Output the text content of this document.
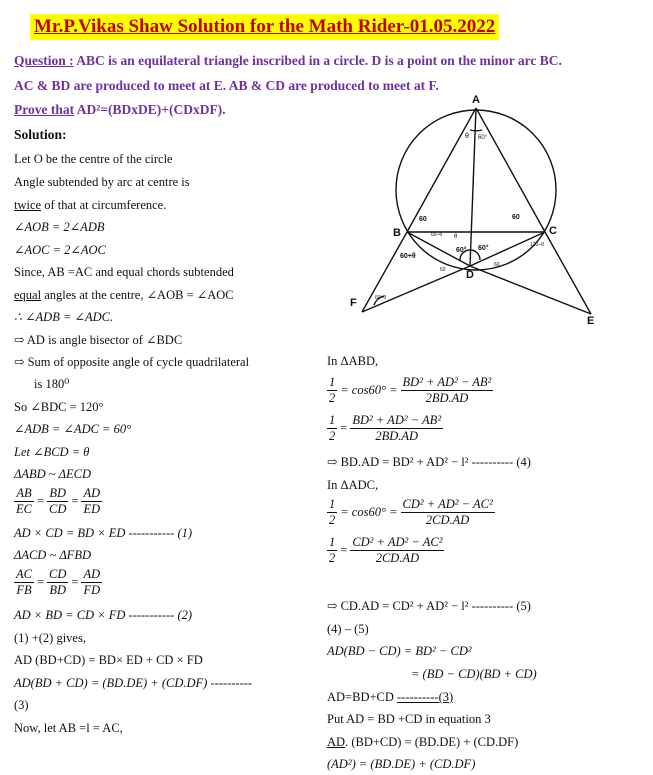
Mr.P.Vikas Shaw Solution for the Math Rider-01.05.2022
Question : ABC is an equilateral triangle inscribed in a circle. D is a point on the minor arc BC.
AC & BD are produced to meet at E. AB & CD are produced to meet at F.
Prove that AD²=(BDxDE)+(CDxDF).
Solution:
Let O be the centre of the circle
Angle subtended by arc at centre is
twice of that at circumference.
∠AOB = 2∠ADB
∠AOC = 2∠AOC
Since, AB =AC and equal chords subtended
equal angles at the centre, ∠AOB = ∠AOC
∴ ∠ADB = ∠ADC.
⇨ AD is angle bisector of ∠BDC
⇨ Sum of opposite angle of cycle quadrilateral
is 180⁰
So ∠BDC = 120°
∠ADB = ∠ADC = 60°
Let ∠BCD = θ
ΔABD ~ ΔECD
$\frac{AB}{EC} = \frac{BD}{CD} = \frac{AD}{ED}$
AD × CD = BD × ED ----------- (1)
ΔACD ~ ΔFBD
$\frac{AC}{FB} = \frac{CD}{BD} = \frac{AD}{FD}$
AD × BD = CD × FD ----------- (2)
(1) +(2) gives,
AD (BD+CD) = BD× ED + CD × FD
AD(BD + CD) = (BD.DE) + (CD.DF) ----------
(3)
Now, let AB =l = AC,
In ΔABD,
$\frac{1}{2} = \cos 60^\circ = \frac{\text{BD² + AD² − AB²}}{2BD.AD}$
$\frac{1}{2} = \frac{\text{BD² + AD² − AB²}}{2BD.AD}$
⇨ BD.AD = BD² + AD² − l² ---------- (4)
In ΔADC,
$\frac{1}{2} = \cos 60^\circ = \frac{\text{CD² + AD² − AC²}}{2CD.AD}$
$\frac{1}{2} = \frac{\text{CD² + AD² − AC²}}{2CD.AD}$
⇨ CD.AD = CD² + AD² − l² ---------- (5)
(4) – (5)
AD(BD − CD) = BD² − CD²
= (BD − CD)(BD + CD)
AD=BD+CD ----------(3)
Put AD = BD +CD in equation 3
AD. (BD+CD) = (BD.DE) + (CD.DF)
(AD²) = (BD.DE) + (CD.DF)
A
B	C
D
E
F
θ 60°
60	60
60–θ
60° 60°	120–θ
60+θ
60
60
60–θ
θ
